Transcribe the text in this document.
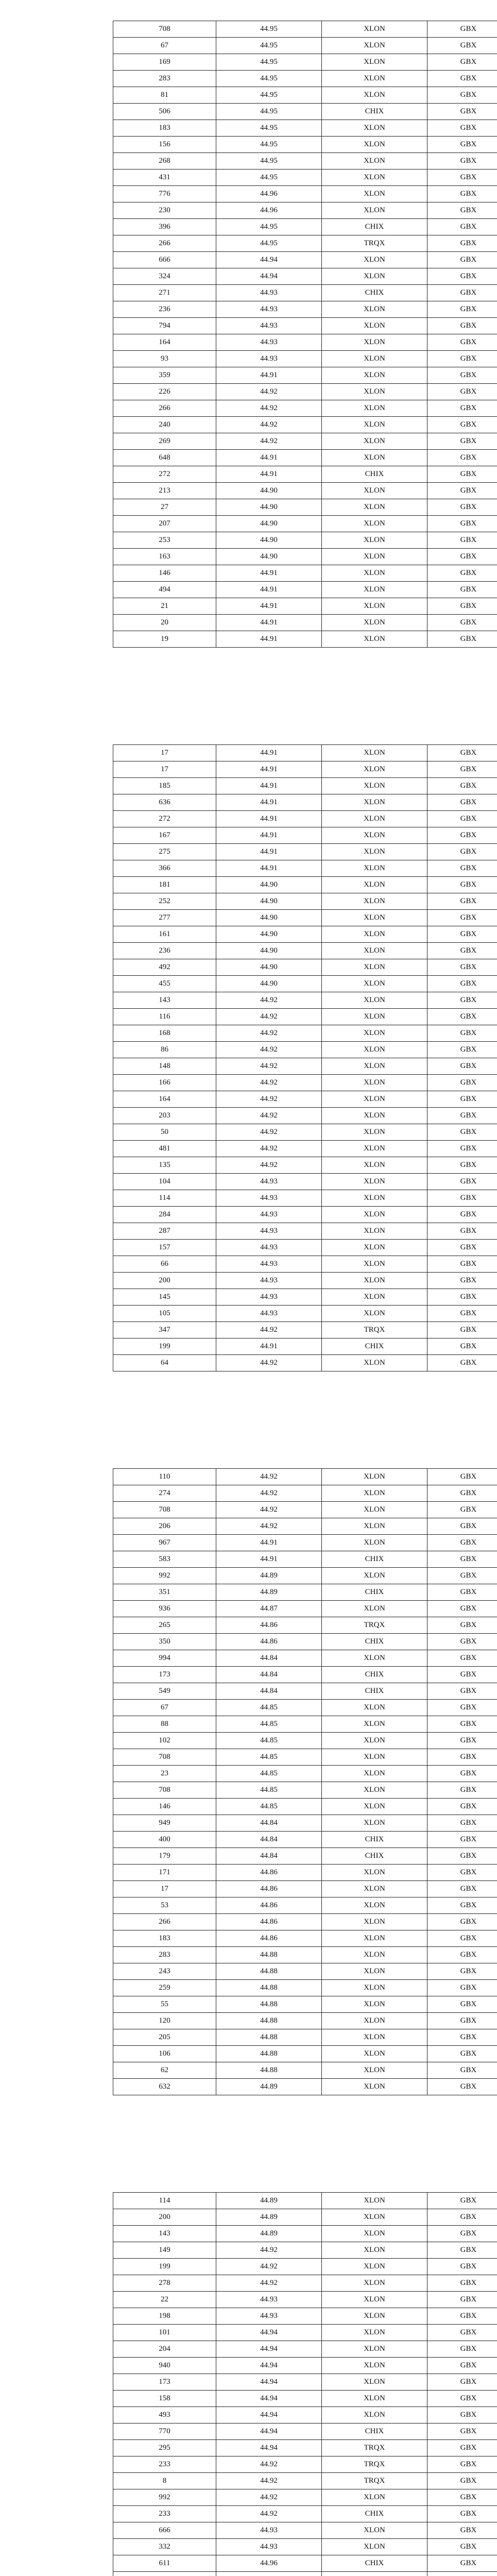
708	44.95	XLON	GBX
67	44.95	XLON	GBX
169	44.95	XLON	GBX
283	44.95	XLON	GBX
81	44.95	XLON	GBX
506	44.95	CHIX	GBX
183	44.95	XLON	GBX
156	44.95	XLON	GBX
268	44.95	XLON	GBX
431	44.95	XLON	GBX
776	44.96	XLON	GBX
230	44.96	XLON	GBX
396	44.95	CHIX	GBX
266	44.95	TRQX	GBX
666	44.94	XLON	GBX
324	44.94	XLON	GBX
271	44.93	CHIX	GBX
236	44.93	XLON	GBX
794	44.93	XLON	GBX
164	44.93	XLON	GBX
93	44.93	XLON	GBX
359	44.91	XLON	GBX
226	44.92	XLON	GBX
266	44.92	XLON	GBX
240	44.92	XLON	GBX
269	44.92	XLON	GBX
648	44.91	XLON	GBX
272	44.91	CHIX	GBX
213	44.90	XLON	GBX
27	44.90	XLON	GBX
207	44.90	XLON	GBX
253	44.90	XLON	GBX
163	44.90	XLON	GBX
146	44.91	XLON	GBX
494	44.91	XLON	GBX
21	44.91	XLON	GBX
20	44.91	XLON	GBX
19	44.91	XLON	GBX
17	44.91	XLON	GBX
17	44.91	XLON	GBX
185	44.91	XLON	GBX
636	44.91	XLON	GBX
272	44.91	XLON	GBX
167	44.91	XLON	GBX
275	44.91	XLON	GBX
366	44.91	XLON	GBX
181	44.90	XLON	GBX
252	44.90	XLON	GBX
277	44.90	XLON	GBX
161	44.90	XLON	GBX
236	44.90	XLON	GBX
492	44.90	XLON	GBX
455	44.90	XLON	GBX
143	44.92	XLON	GBX
116	44.92	XLON	GBX
168	44.92	XLON	GBX
86	44.92	XLON	GBX
148	44.92	XLON	GBX
166	44.92	XLON	GBX
164	44.92	XLON	GBX
203	44.92	XLON	GBX
50	44.92	XLON	GBX
481	44.92	XLON	GBX
135	44.92	XLON	GBX
104	44.93	XLON	GBX
114	44.93	XLON	GBX
284	44.93	XLON	GBX
287	44.93	XLON	GBX
157	44.93	XLON	GBX
66	44.93	XLON	GBX
200	44.93	XLON	GBX
145	44.93	XLON	GBX
105	44.93	XLON	GBX
347	44.92	TRQX	GBX
199	44.91	CHIX	GBX
64	44.92	XLON	GBX
110	44.92	XLON	GBX
274	44.92	XLON	GBX
708	44.92	XLON	GBX
206	44.92	XLON	GBX
967	44.91	XLON	GBX
583	44.91	CHIX	GBX
992	44.89	XLON	GBX
351	44.89	CHIX	GBX
936	44.87	XLON	GBX
265	44.86	TRQX	GBX
350	44.86	CHIX	GBX
994	44.84	XLON	GBX
173	44.84	CHIX	GBX
549	44.84	CHIX	GBX
67	44.85	XLON	GBX
88	44.85	XLON	GBX
102	44.85	XLON	GBX
708	44.85	XLON	GBX
23	44.85	XLON	GBX
708	44.85	XLON	GBX
146	44.85	XLON	GBX
949	44.84	XLON	GBX
400	44.84	CHIX	GBX
179	44.84	CHIX	GBX
171	44.86	XLON	GBX
17	44.86	XLON	GBX
53	44.86	XLON	GBX
266	44.86	XLON	GBX
183	44.86	XLON	GBX
283	44.88	XLON	GBX
243	44.88	XLON	GBX
259	44.88	XLON	GBX
55	44.88	XLON	GBX
120	44.88	XLON	GBX
205	44.88	XLON	GBX
106	44.88	XLON	GBX
62	44.88	XLON	GBX
632	44.89	XLON	GBX
114	44.89	XLON	GBX
200	44.89	XLON	GBX
143	44.89	XLON	GBX
149	44.92	XLON	GBX
199	44.92	XLON	GBX
278	44.92	XLON	GBX
22	44.93	XLON	GBX
198	44.93	XLON	GBX
101	44.94	XLON	GBX
204	44.94	XLON	GBX
940	44.94	XLON	GBX
173	44.94	XLON	GBX
158	44.94	XLON	GBX
493	44.94	XLON	GBX
770	44.94	CHIX	GBX
295	44.94	TRQX	GBX
233	44.92	TRQX	GBX
8	44.92	TRQX	GBX
992	44.92	XLON	GBX
233	44.92	CHIX	GBX
666	44.93	XLON	GBX
332	44.93	XLON	GBX
611	44.96	CHIX	GBX
